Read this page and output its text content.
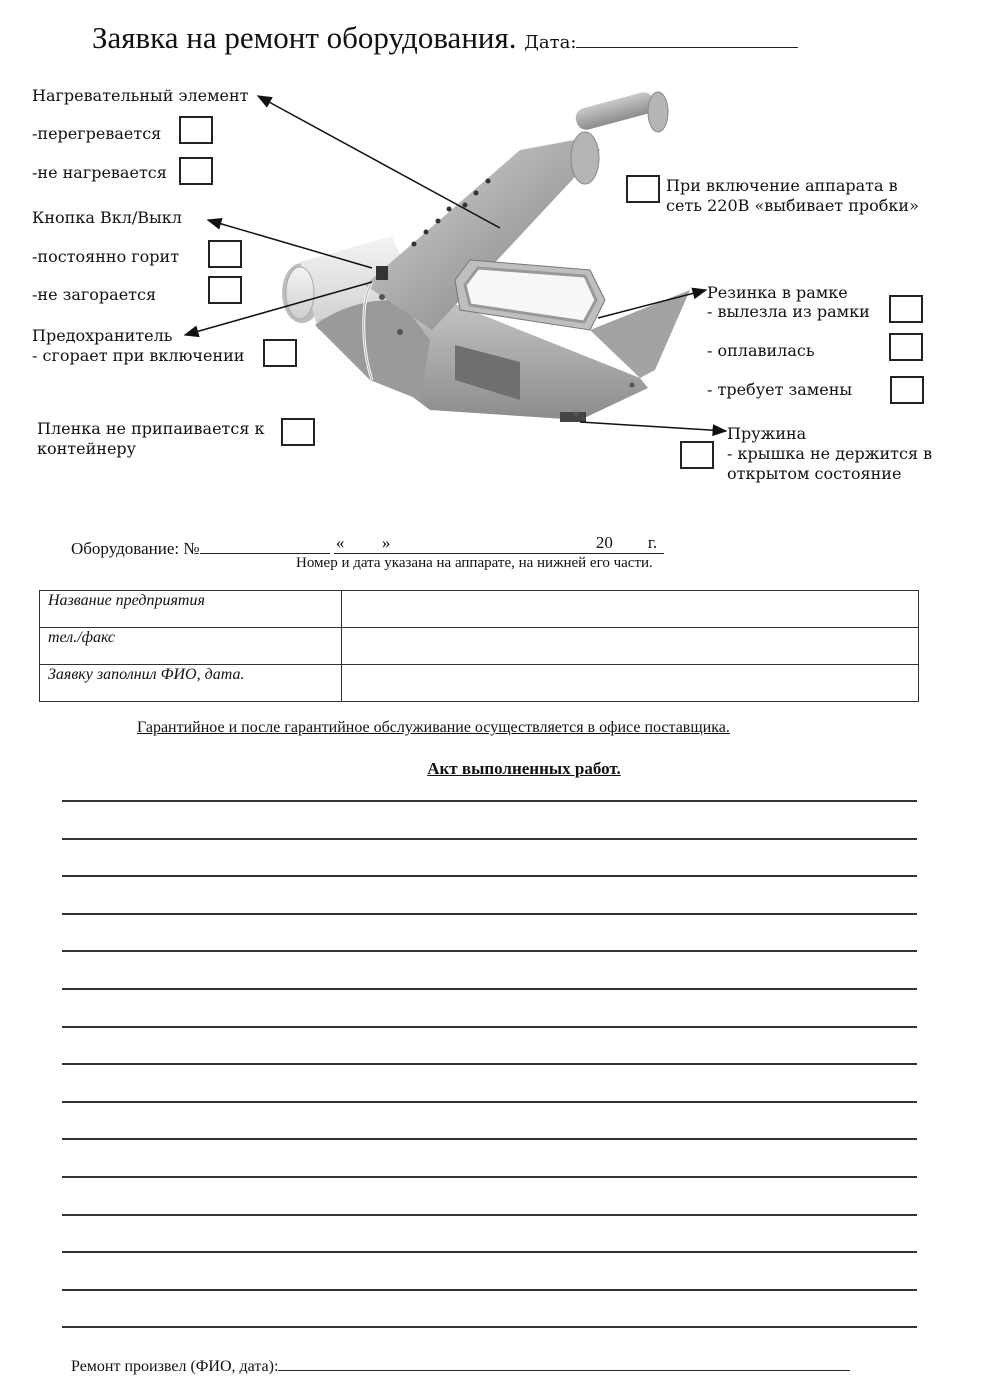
Заявка на ремонт оборудования. Дата:
Нагревательный элемент
-перегревается
-не нагревается
Кнопка Вкл/Выкл
-постоянно горит
-не загорается
Предохранитель
- сгорает при включении
Пленка не припаивается к
контейнеру
При включение аппарата в
сеть 220В «выбивает пробки»
Резинка в рамке
- вылезла из рамки
- оплавилась
- требует замены
Пружина
- крышка не держится в
открытом состояние
Оборудование: №	« »	20 г.
Номер и дата указана на аппарате, на нижней его части.
Название предприятия	
тел./факс	
Заявку заполнил ФИО, дата.	
Гарантийное и после гарантийное обслуживание осуществляется в офисе поставщика.
Акт выполненных работ.
Ремонт произвел (ФИО, дата):
